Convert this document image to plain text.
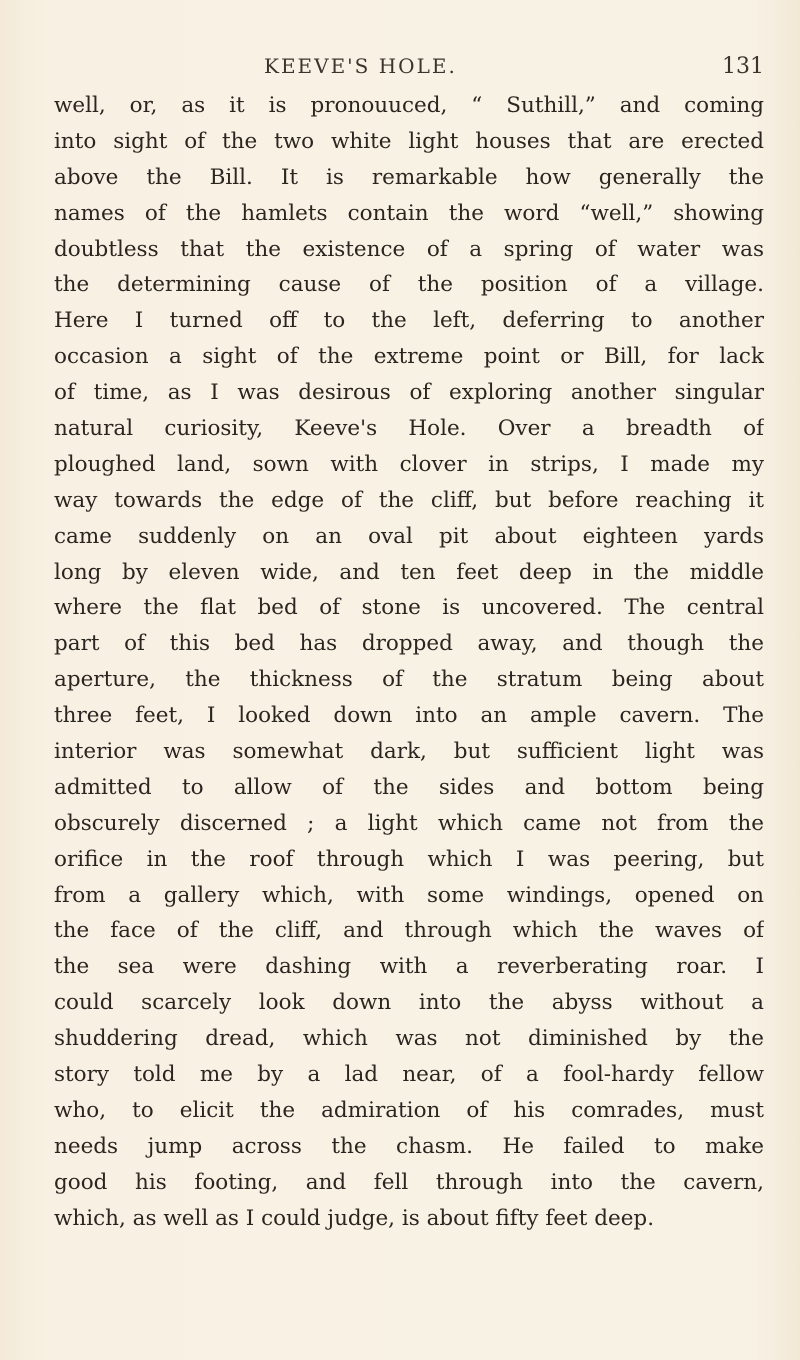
KEEVE'S HOLE.	131
well, or, as it is pronouuced, “ Suthill,” and coming
into sight of the two white light houses that are erected
above the Bill. It is remarkable how generally the
names of the hamlets contain the word “well,” showing
doubtless that the existence of a spring of water was
the determining cause of the position of a village.
Here I turned off to the left, deferring to another
occasion a sight of the extreme point or Bill, for lack
of time, as I was desirous of exploring another singular
natural curiosity, Keeve's Hole. Over a breadth of
ploughed land, sown with clover in strips, I made my
way towards the edge of the cliff, but before reaching it
came suddenly on an oval pit about eighteen yards
long by eleven wide, and ten feet deep in the middle
where the flat bed of stone is uncovered. The central
part of this bed has dropped away, and though the
aperture, the thickness of the stratum being about
three feet, I looked down into an ample cavern. The
interior was somewhat dark, but sufficient light was
admitted to allow of the sides and bottom being
obscurely discerned ; a light which came not from the
orifice in the roof through which I was peering, but
from a gallery which, with some windings, opened on
the face of the cliff, and through which the waves of
the sea were dashing with a reverberating roar. I
could scarcely look down into the abyss without a
shuddering dread, which was not diminished by the
story told me by a lad near, of a fool-hardy fellow
who, to elicit the admiration of his comrades, must
needs jump across the chasm. He failed to make
good his footing, and fell through into the cavern,
which, as well as I could judge, is about fifty feet deep.
